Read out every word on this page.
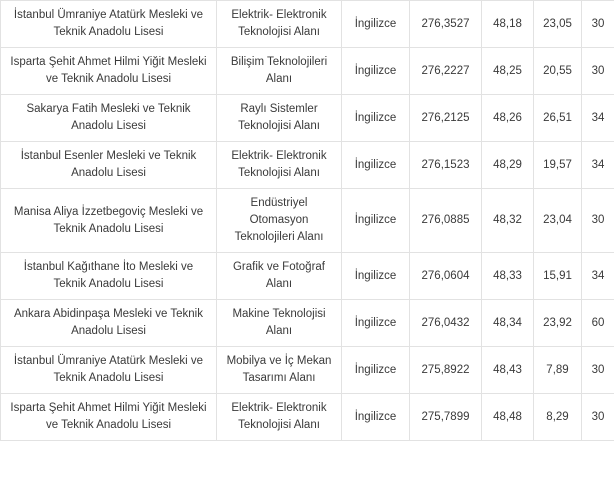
İstanbul Ümraniye Atatürk Mesleki ve Teknik Anadolu Lisesi	Elektrik- Elektronik Teknolojisi Alanı	İngilizce	276,3527	48,18	23,05	30
Isparta Şehit Ahmet Hilmi Yiğit Mesleki ve Teknik Anadolu Lisesi	Bilişim Teknolojileri Alanı	İngilizce	276,2227	48,25	20,55	30
Sakarya Fatih Mesleki ve Teknik Anadolu Lisesi	Raylı Sistemler Teknolojisi Alanı	İngilizce	276,2125	48,26	26,51	34
İstanbul Esenler Mesleki ve Teknik Anadolu Lisesi	Elektrik- Elektronik Teknolojisi Alanı	İngilizce	276,1523	48,29	19,57	34
Manisa Aliya İzzetbegoviç Mesleki ve Teknik Anadolu Lisesi	Endüstriyel Otomasyon Teknolojileri Alanı	İngilizce	276,0885	48,32	23,04	30
İstanbul Kağıthane İto Mesleki ve Teknik Anadolu Lisesi	Grafik ve Fotoğraf Alanı	İngilizce	276,0604	48,33	15,91	34
Ankara Abidinpaşa Mesleki ve Teknik Anadolu Lisesi	Makine Teknolojisi Alanı	İngilizce	276,0432	48,34	23,92	60
İstanbul Ümraniye Atatürk Mesleki ve Teknik Anadolu Lisesi	Mobilya ve İç Mekan Tasarımı Alanı	İngilizce	275,8922	48,43	7,89	30
Isparta Şehit Ahmet Hilmi Yiğit Mesleki ve Teknik Anadolu Lisesi	Elektrik- Elektronik Teknolojisi Alanı	İngilizce	275,7899	48,48	8,29	30
